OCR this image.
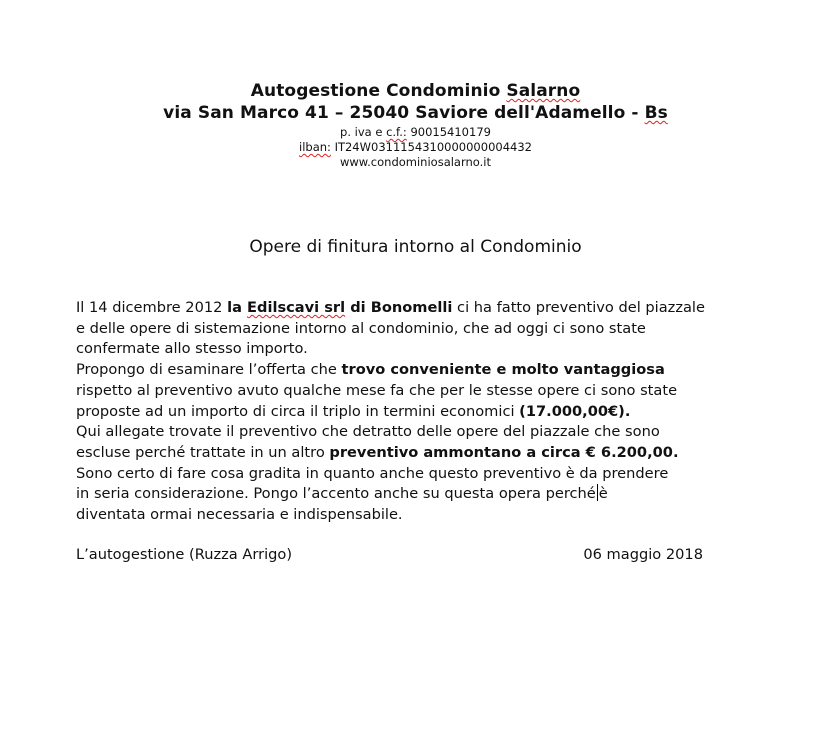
Autogestione Condominio Salarno
via San Marco 41 – 25040 Saviore dell'Adamello - Bs
p. iva e c.f.: 90015410179
ilban: IT24W0311154310000000004432
www.condominiosalarno.it
Opere di finitura intorno al Condominio
Il 14 dicembre 2012 la Edilscavi srl di Bonomelli ci ha fatto preventivo del piazzale
e delle opere di sistemazione intorno al condominio, che ad oggi ci sono state
confermate allo stesso importo.
Propongo di esaminare l’offerta che trovo conveniente e molto vantaggiosa
rispetto al preventivo avuto qualche mese fa che per le stesse opere ci sono state
proposte ad un importo di circa il triplo in termini economici (17.000,00€).
Qui allegate trovate il preventivo che detratto delle opere del piazzale che sono
escluse perché trattate in un altro preventivo ammontano a circa € 6.200,00.
Sono certo di fare cosa gradita in quanto anche questo preventivo è da prendere
in seria considerazione. Pongo l’accento anche su questa opera perché è
diventata ormai necessaria e indispensabile.
L’autogestione (Ruzza Arrigo)	06 maggio 2018
